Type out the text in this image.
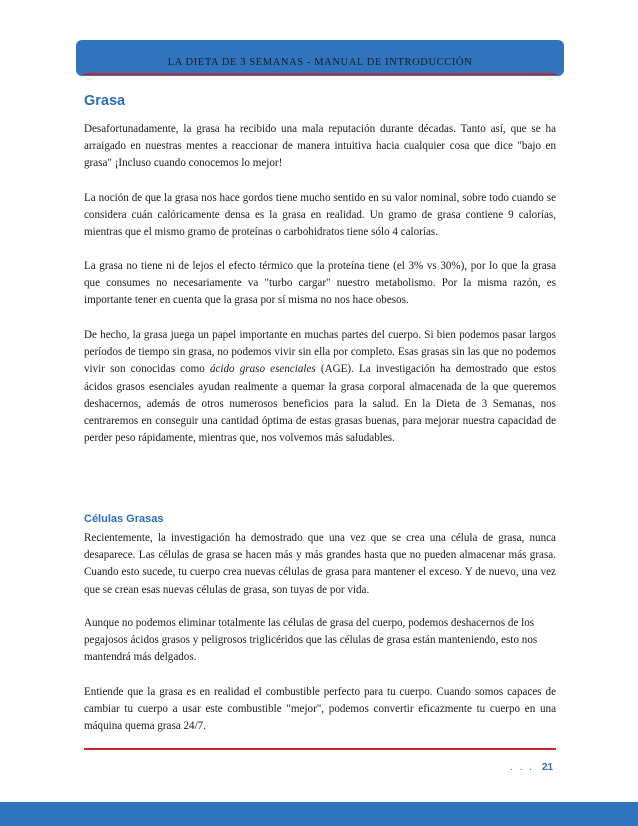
LA DIETA DE 3 SEMANAS - MANUAL DE INTRODUCCIÓN
Grasa

Desafortunadamente, la grasa ha recibido una mala reputación durante décadas. Tanto así, que se ha arraigado en nuestras mentes a reaccionar de manera intuitiva hacia cualquier cosa que dice "bajo en grasa" ¡Incluso cuando conocemos lo mejor!

La noción de que la grasa nos hace gordos tiene mucho sentido en su valor nominal, sobre todo cuando se considera cuán calóricamente densa es la grasa en realidad. Un gramo de grasa contiene 9 calorías, mientras que el mismo gramo de proteínas o carbohidratos tiene sólo 4 calorías.

La grasa no tiene ni de lejos el efecto térmico que la proteína tiene (el 3% vs 30%), por lo que la grasa que consumes no necesariamente va "turbo cargar" nuestro metabolismo. Por la misma razón, es importante tener en cuenta que la grasa por sí misma no nos hace obesos.

De hecho, la grasa juega un papel importante en muchas partes del cuerpo. Si bien podemos pasar largos períodos de tiempo sin grasa, no podemos vivir sin ella por completo. Esas grasas sin las que no podemos vivir son conocidas como ácido graso esenciales (AGE). La investigación ha demostrado que estos ácidos grasos esenciales ayudan realmente a quemar la grasa corporal almacenada de la que queremos deshacernos, además de otros numerosos beneficios para la salud. En la Dieta de 3 Semanas, nos centraremos en conseguir una cantidad óptima de estas grasas buenas, para mejorar nuestra capacidad de perder peso rápidamente, mientras que, nos volvemos más saludables.

Células Grasas

Recientemente, la investigación ha demostrado que una vez que se crea una célula de grasa, nunca desaparece. Las células de grasa se hacen más y más grandes hasta que no pueden almacenar más grasa. Cuando esto sucede, tu cuerpo crea nuevas células de grasa para mantener el exceso. Y de nuevo, una vez que se crean esas nuevas células de grasa, son tuyas de por vida.

Aunque no podemos eliminar totalmente las células de grasa del cuerpo, podemos deshacernos de los pegajosos ácidos grasos y peligrosos triglicéridos que las células de grasa están manteniendo, esto nos mantendrá más delgados.

Entiende que la grasa es en realidad el combustible perfecto para tu cuerpo. Cuando somos capaces de cambiar tu cuerpo a usar este combustible "mejor", podemos convertir eficazmente tu cuerpo en una máquina quema grasa 24/7.

. . . 21
